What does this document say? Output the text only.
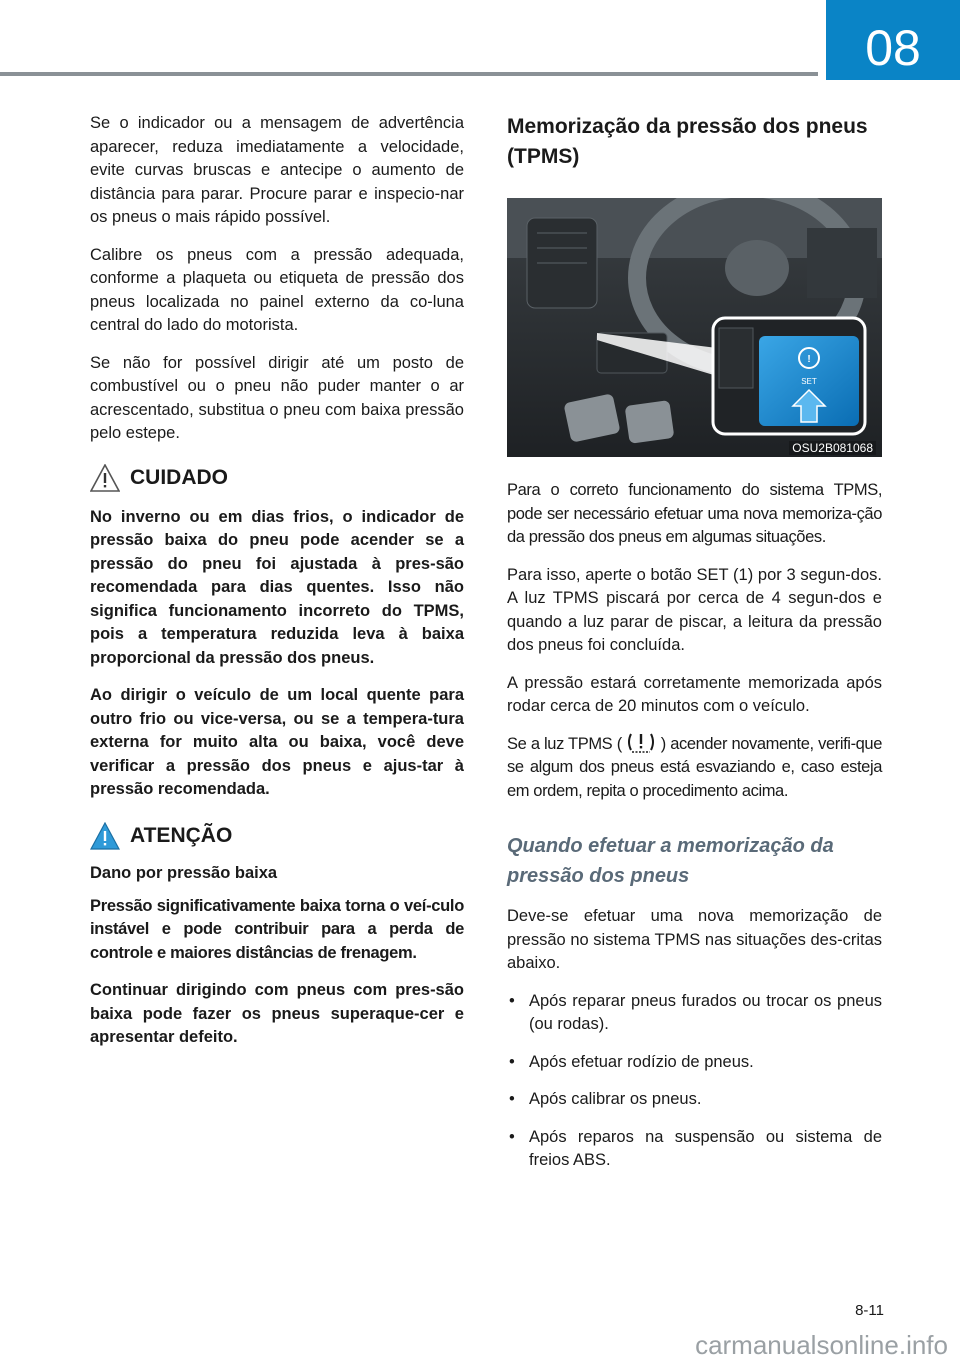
08

Se o indicador ou a mensagem de advertência aparecer, reduza imediatamente a velocidade, evite curvas bruscas e antecipe o aumento de distância para parar. Procure parar e inspecio-nar os pneus o mais rápido possível.

Calibre os pneus com a pressão adequada, conforme a plaqueta ou etiqueta de pressão dos pneus localizada no painel externo da co-luna central do lado do motorista.

Se não for possível dirigir até um posto de combustível ou o pneu não puder manter o ar acrescentado, substitua o pneu com baixa pressão pelo estepe.

CUIDADO

No inverno ou em dias frios, o indicador de pressão baixa do pneu pode acender se a pressão do pneu foi ajustada à pres-são recomendada para dias quentes. Isso não significa funcionamento incorreto do TPMS, pois a temperatura reduzida leva à baixa proporcional da pressão dos pneus.

Ao dirigir o veículo de um local quente para outro frio ou vice-versa, ou se a tempera-tura externa for muito alta ou baixa, você deve verificar a pressão dos pneus e ajus-tar à pressão recomendada.

ATENÇÃO
Dano por pressão baixa

Pressão significativamente baixa torna o veí-culo instável e pode contribuir para a perda de controle e maiores distâncias de frenagem.

Continuar dirigindo com pneus com pres-são baixa pode fazer os pneus superaque-cer e apresentar defeito.

Memorização da pressão dos pneus (TPMS)
!
SET
OSU2B081068

Para o correto funcionamento do sistema TPMS, pode ser necessário efetuar uma nova memoriza-ção da pressão dos pneus em algumas situações.

Para isso, aperte o botão SET (1) por 3 segun-dos. A luz TPMS piscará por cerca de 4 segun-dos e quando a luz parar de piscar, a leitura da pressão dos pneus foi concluída.

A pressão estará corretamente memorizada após rodar cerca de 20 minutos com o veículo.

Se a luz TPMS ( ) acender novamente, verifi-que se algum dos pneus está esvaziando e, caso esteja em ordem, repita o procedimento acima.

Quando efetuar a memorização da pressão dos pneus

Deve-se efetuar uma nova memorização de pressão no sistema TPMS nas situações des-critas abaixo.

• Após reparar pneus furados ou trocar os pneus (ou rodas).
• Após efetuar rodízio de pneus.
• Após calibrar os pneus.
• Após reparos na suspensão ou sistema de freios ABS.
8-11
carmanualsonline.info
